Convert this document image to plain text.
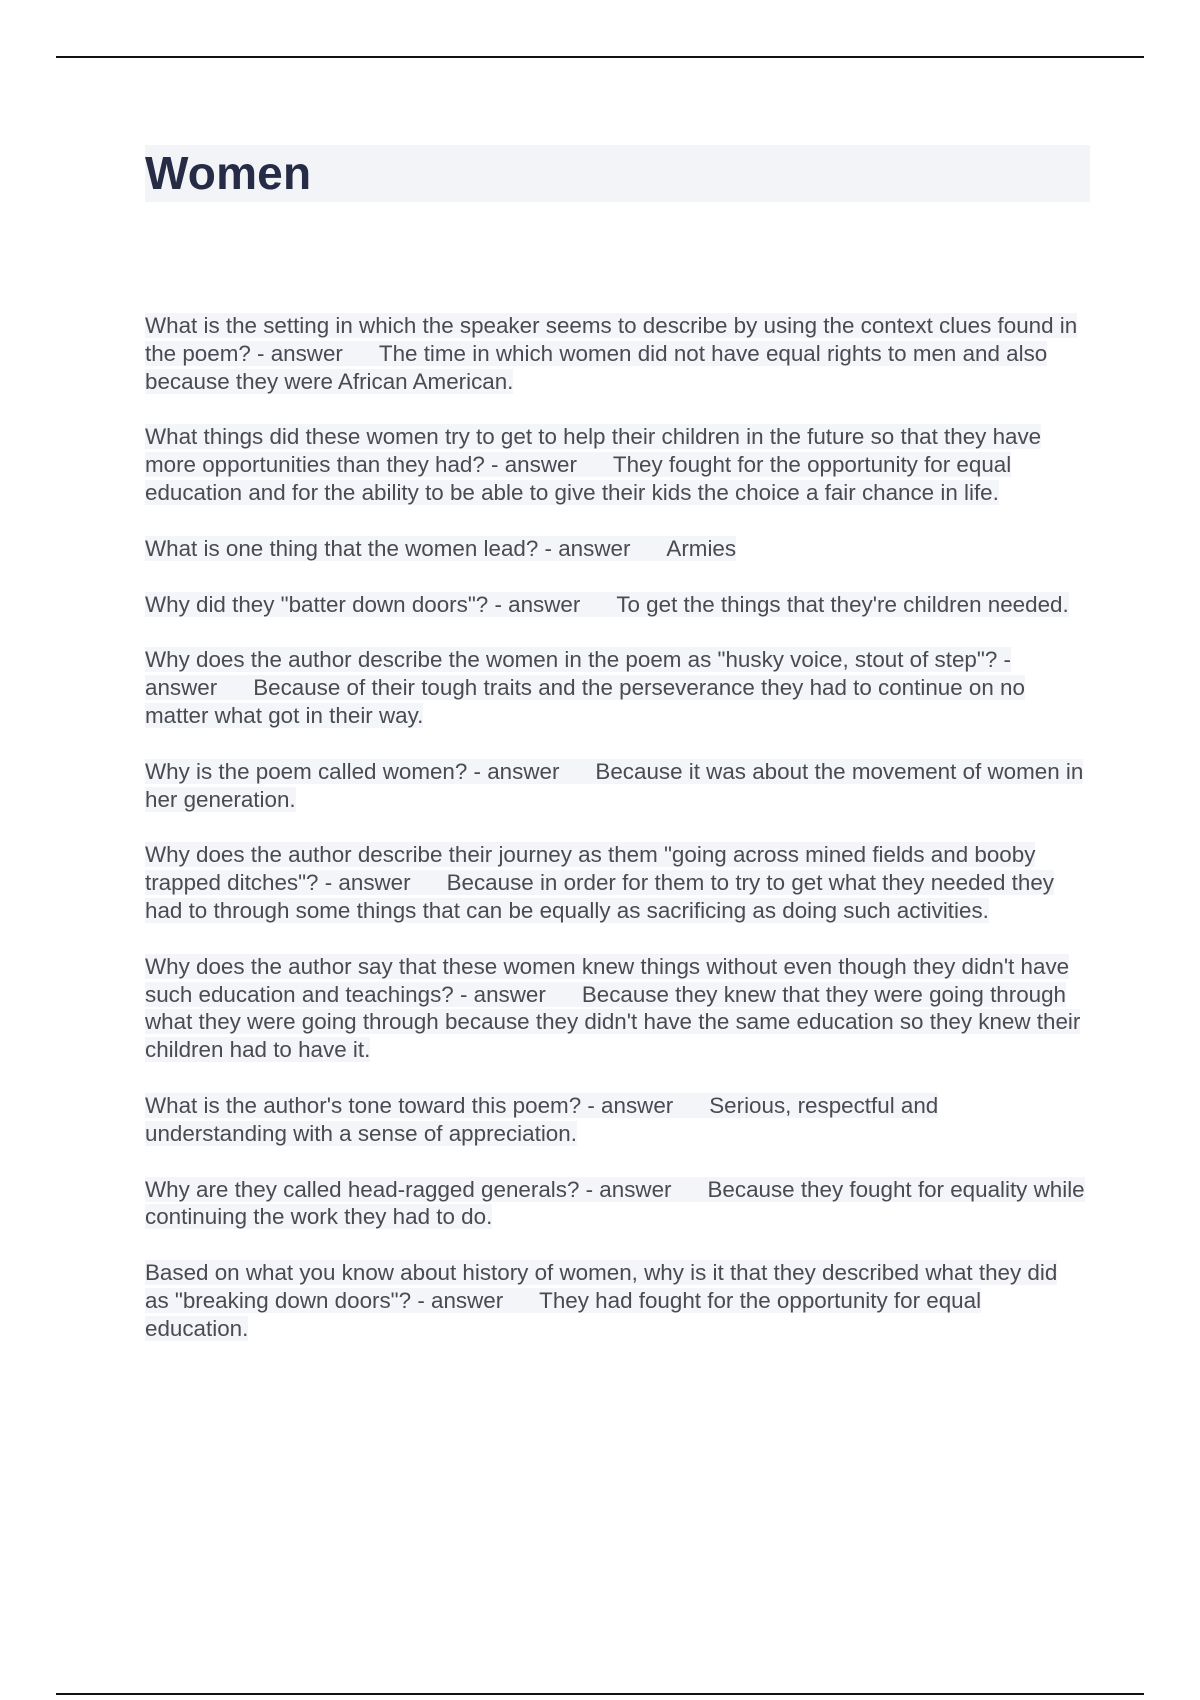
Women

What is the setting in which the speaker seems to describe by using the context clues found in the poem? - answer The time in which women did not have equal rights to men and also because they were African American.

What things did these women try to get to help their children in the future so that they have more opportunities than they had? - answer They fought for the opportunity for equal education and for the ability to be able to give their kids the choice a fair chance in life.

What is one thing that the women lead? - answer Armies

Why did they "batter down doors"? - answer To get the things that they're children needed.

Why does the author describe the women in the poem as "husky voice, stout of step"? - answer Because of their tough traits and the perseverance they had to continue on no matter what got in their way.

Why is the poem called women? - answer Because it was about the movement of women in her generation.

Why does the author describe their journey as them "going across mined fields and booby trapped ditches"? - answer Because in order for them to try to get what they needed they had to through some things that can be equally as sacrificing as doing such activities.

Why does the author say that these women knew things without even though they didn't have such education and teachings? - answer Because they knew that they were going through what they were going through because they didn't have the same education so they knew their children had to have it.

What is the author's tone toward this poem? - answer Serious, respectful and understanding with a sense of appreciation.

Why are they called head-ragged generals? - answer Because they fought for equality while continuing the work they had to do.

Based on what you know about history of women, why is it that they described what they did as "breaking down doors"? - answer They had fought for the opportunity for equal education.
